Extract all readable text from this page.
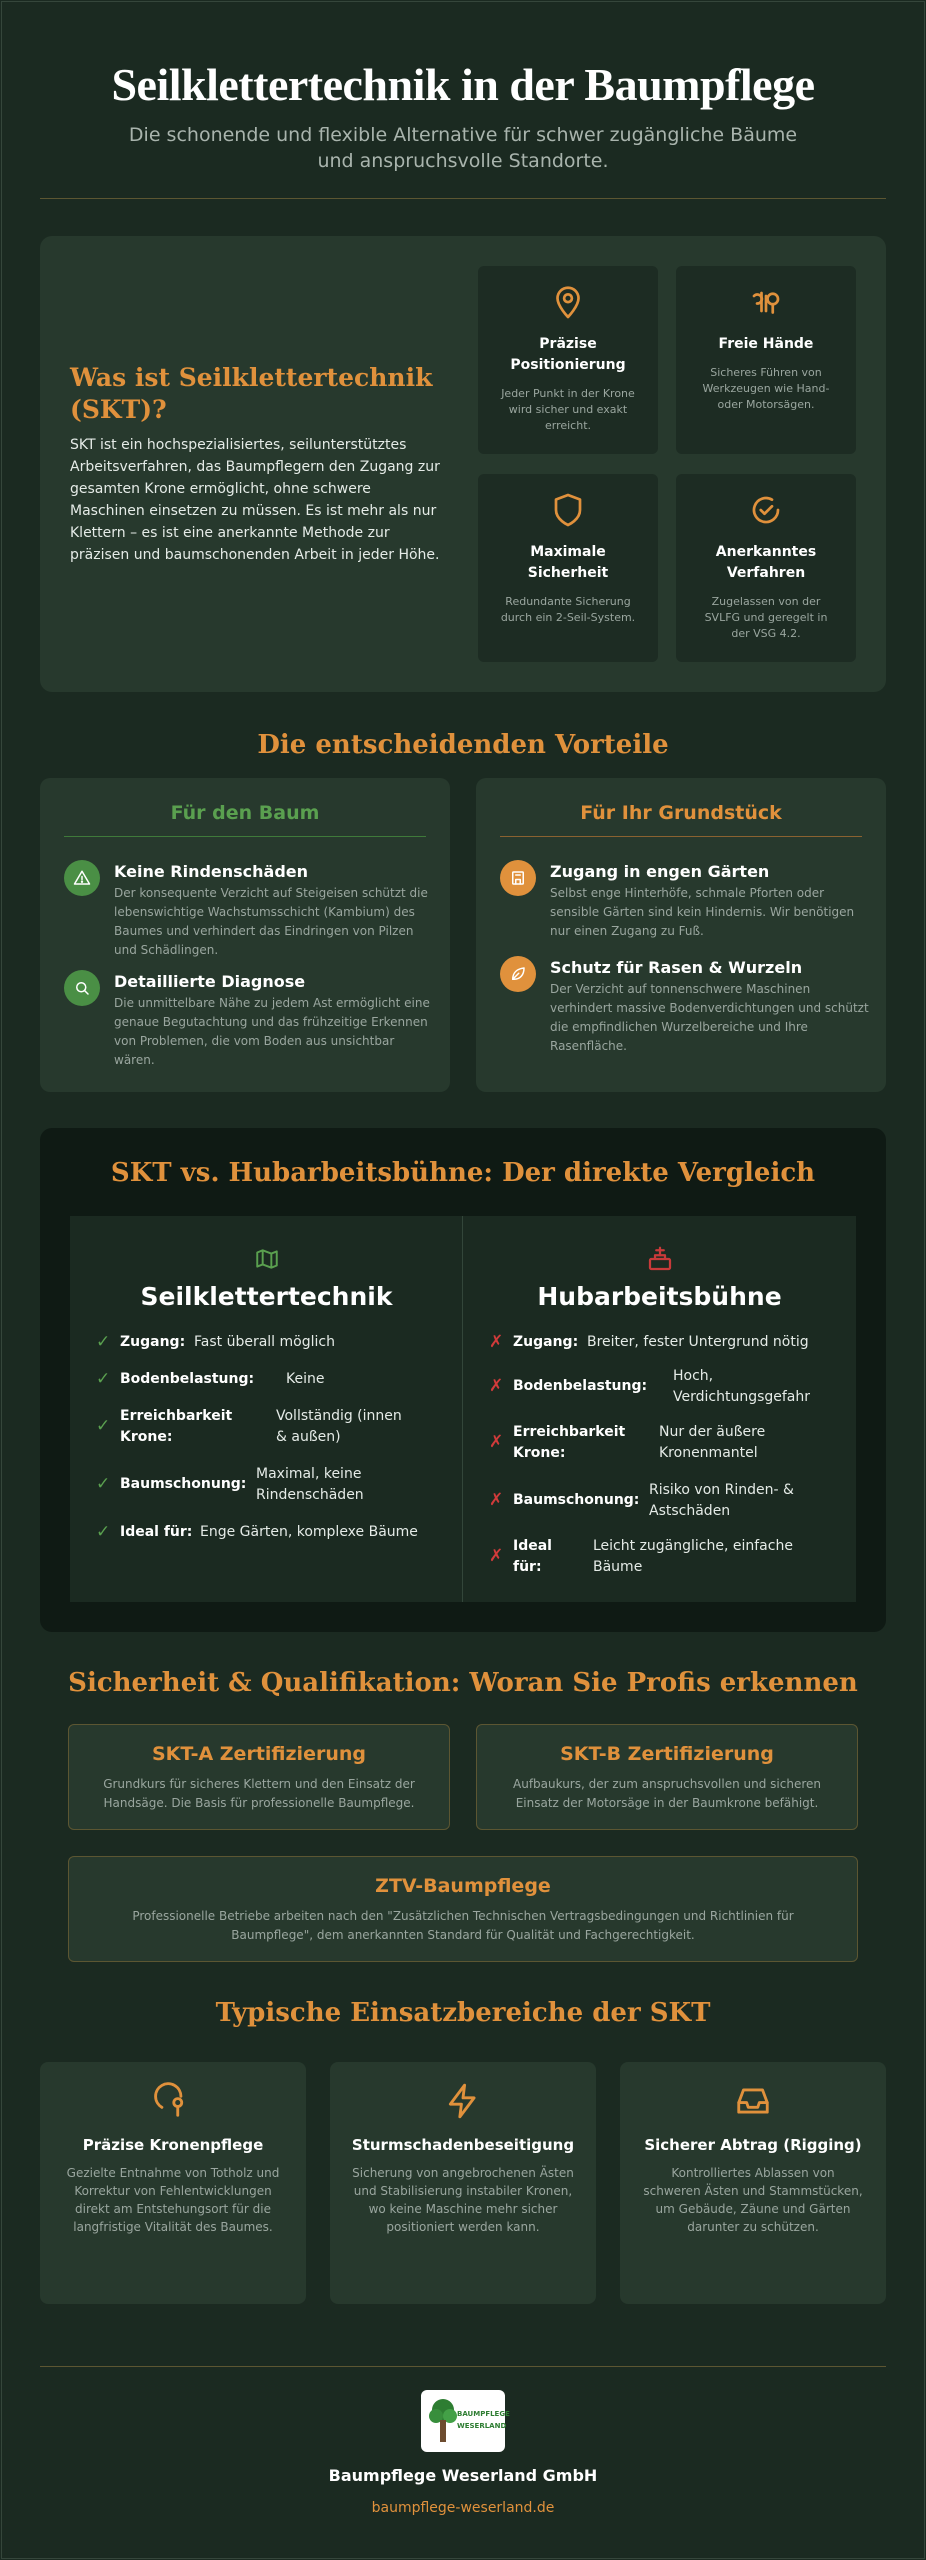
Seilklettertechnik in der Baumpflege

Die schonende und flexible Alternative für schwer zugängliche Bäume und anspruchsvolle Standorte.

Was ist Seilklettertechnik (SKT)?

SKT ist ein hochspezialisiertes, seilunterstütztes Arbeitsverfahren, das Baumpflegern den Zugang zur gesamten Krone ermöglicht, ohne schwere Maschinen einsetzen zu müssen. Es ist mehr als nur Klettern – es ist eine anerkannte Methode zur präzisen und baumschonenden Arbeit in jeder Höhe.

Präzise Positionierung
Jeder Punkt in der Krone wird sicher und exakt erreicht.
Freie Hände
Sicheres Führen von Werkzeugen wie Hand- oder Motorsägen.
Maximale Sicherheit
Redundante Sicherung durch ein 2-Seil-System.
Anerkanntes Verfahren
Zugelassen von der SVLFG und geregelt in der VSG 4.2.
Die entscheidenden Vorteile
Für den Baum
Keine Rindenschäden
Der konsequente Verzicht auf Steigeisen schützt die lebenswichtige Wachstumsschicht (Kambium) des Baumes und verhindert das Eindringen von Pilzen und Schädlingen.
Detaillierte Diagnose
Die unmittelbare Nähe zu jedem Ast ermöglicht eine genaue Begutachtung und das frühzeitige Erkennen von Problemen, die vom Boden aus unsichtbar wären.
Für Ihr Grundstück
Zugang in engen Gärten
Selbst enge Hinterhöfe, schmale Pforten oder sensible Gärten sind kein Hindernis. Wir benötigen nur einen Zugang zu Fuß.
Schutz für Rasen & Wurzeln
Der Verzicht auf tonnenschwere Maschinen verhindert massive Bodenverdichtungen und schützt die empfindlichen Wurzelbereiche und Ihre Rasenfläche.
SKT vs. Hubarbeitsbühne: Der direkte Vergleich
Seilklettertechnik
✓ Zugang: Fast überall möglich
✓ Bodenbelastung: Keine
✓ Erreichbarkeit Krone:
Vollständig (innen & außen)
✓ Baumschonung:
Maximal, keine Rindenschäden
✓ Ideal für: Enge Gärten, komplexe Bäume
Hubarbeitsbühne
✗ Zugang: Breiter, fester Untergrund nötig
✗ Bodenbelastung:
Hoch, Verdichtungsgefahr
✗ Erreichbarkeit Krone:
Nur der äußere Kronenmantel
✗ Baumschonung:
Risiko von Rinden- & Astschäden
✗ Ideal für:
Leicht zugängliche, einfache Bäume
Sicherheit & Qualifikation: Woran Sie Profis erkennen
SKT-A Zertifizierung
Grundkurs für sicheres Klettern und den Einsatz der Handsäge. Die Basis für professionelle Baumpflege.
SKT-B Zertifizierung
Aufbaukurs, der zum anspruchsvollen und sicheren Einsatz der Motorsäge in der Baumkrone befähigt.
ZTV-Baumpflege
Professionelle Betriebe arbeiten nach den "Zusätzlichen Technischen Vertragsbedingungen und Richtlinien für Baumpflege", dem anerkannten Standard für Qualität und Fachgerechtigkeit.
Typische Einsatzbereiche der SKT
Präzise Kronenpflege
Gezielte Entnahme von Totholz und Korrektur von Fehlentwicklungen direkt am Entstehungsort für die langfristige Vitalität des Baumes.
Sturmschadenbeseitigung
Sicherung von angebrochenen Ästen und Stabilisierung instabiler Kronen, wo keine Maschine mehr sicher positioniert werden kann.
Sicherer Abtrag (Rigging)
Kontrolliertes Ablassen von schweren Ästen und Stammstücken, um Gebäude, Zäune und Gärten darunter zu schützen.
BAUMPFLEGE
WESERLAND
Baumpflege Weserland GmbH
baumpflege-weserland.de
